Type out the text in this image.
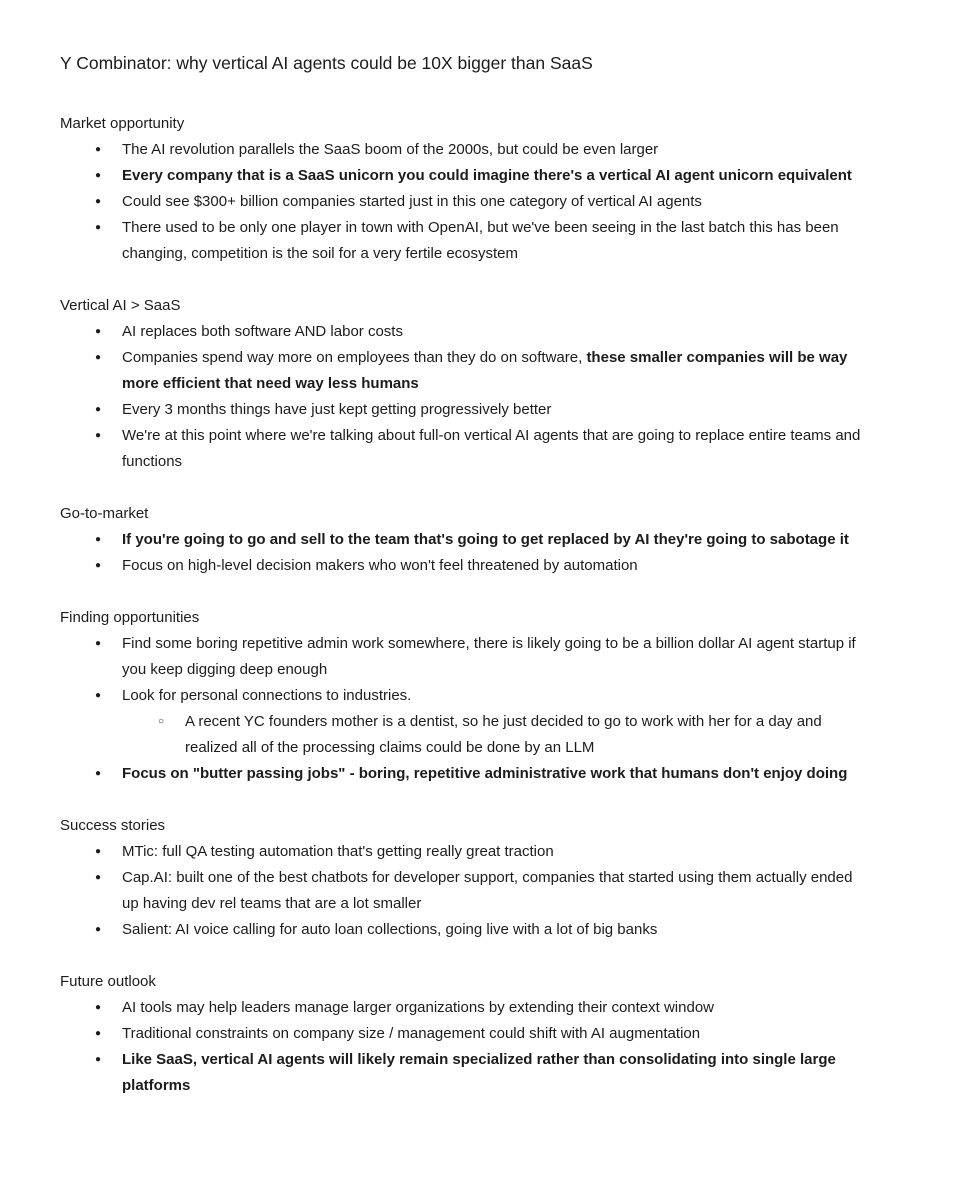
Y Combinator: why vertical AI agents could be 10X bigger than SaaS
Market opportunity
●	The AI revolution parallels the SaaS boom of the 2000s, but could be even larger
●	Every company that is a SaaS unicorn you could imagine there's a vertical AI agent unicorn equivalent
●	Could see $300+ billion companies started just in this one category of vertical AI agents
●	There used to be only one player in town with OpenAI, but we've been seeing in the last batch this has been changing, competition is the soil for a very fertile ecosystem
Vertical AI > SaaS
●	AI replaces both software AND labor costs
●	Companies spend way more on employees than they do on software, these smaller companies will be way more efficient that need way less humans
●	Every 3 months things have just kept getting progressively better
●	We're at this point where we're talking about full-on vertical AI agents that are going to replace entire teams and functions
Go-to-market
●	If you're going to go and sell to the team that's going to get replaced by AI they're going to sabotage it
●	Focus on high-level decision makers who won't feel threatened by automation
Finding opportunities
●	Find some boring repetitive admin work somewhere, there is likely going to be a billion dollar AI agent startup if you keep digging deep enough
●	Look for personal connections to industries.
○	A recent YC founders mother is a dentist, so he just decided to go to work with her for a day and realized all of the processing claims could be done by an LLM
●	Focus on "butter passing jobs" - boring, repetitive administrative work that humans don't enjoy doing
Success stories
●	MTic: full QA testing automation that's getting really great traction
●	Cap.AI: built one of the best chatbots for developer support, companies that started using them actually ended up having dev rel teams that are a lot smaller
●	Salient: AI voice calling for auto loan collections, going live with a lot of big banks
Future outlook
●	AI tools may help leaders manage larger organizations by extending their context window
●	Traditional constraints on company size / management could shift with AI augmentation
●	Like SaaS, vertical AI agents will likely remain specialized rather than consolidating into single large platforms
